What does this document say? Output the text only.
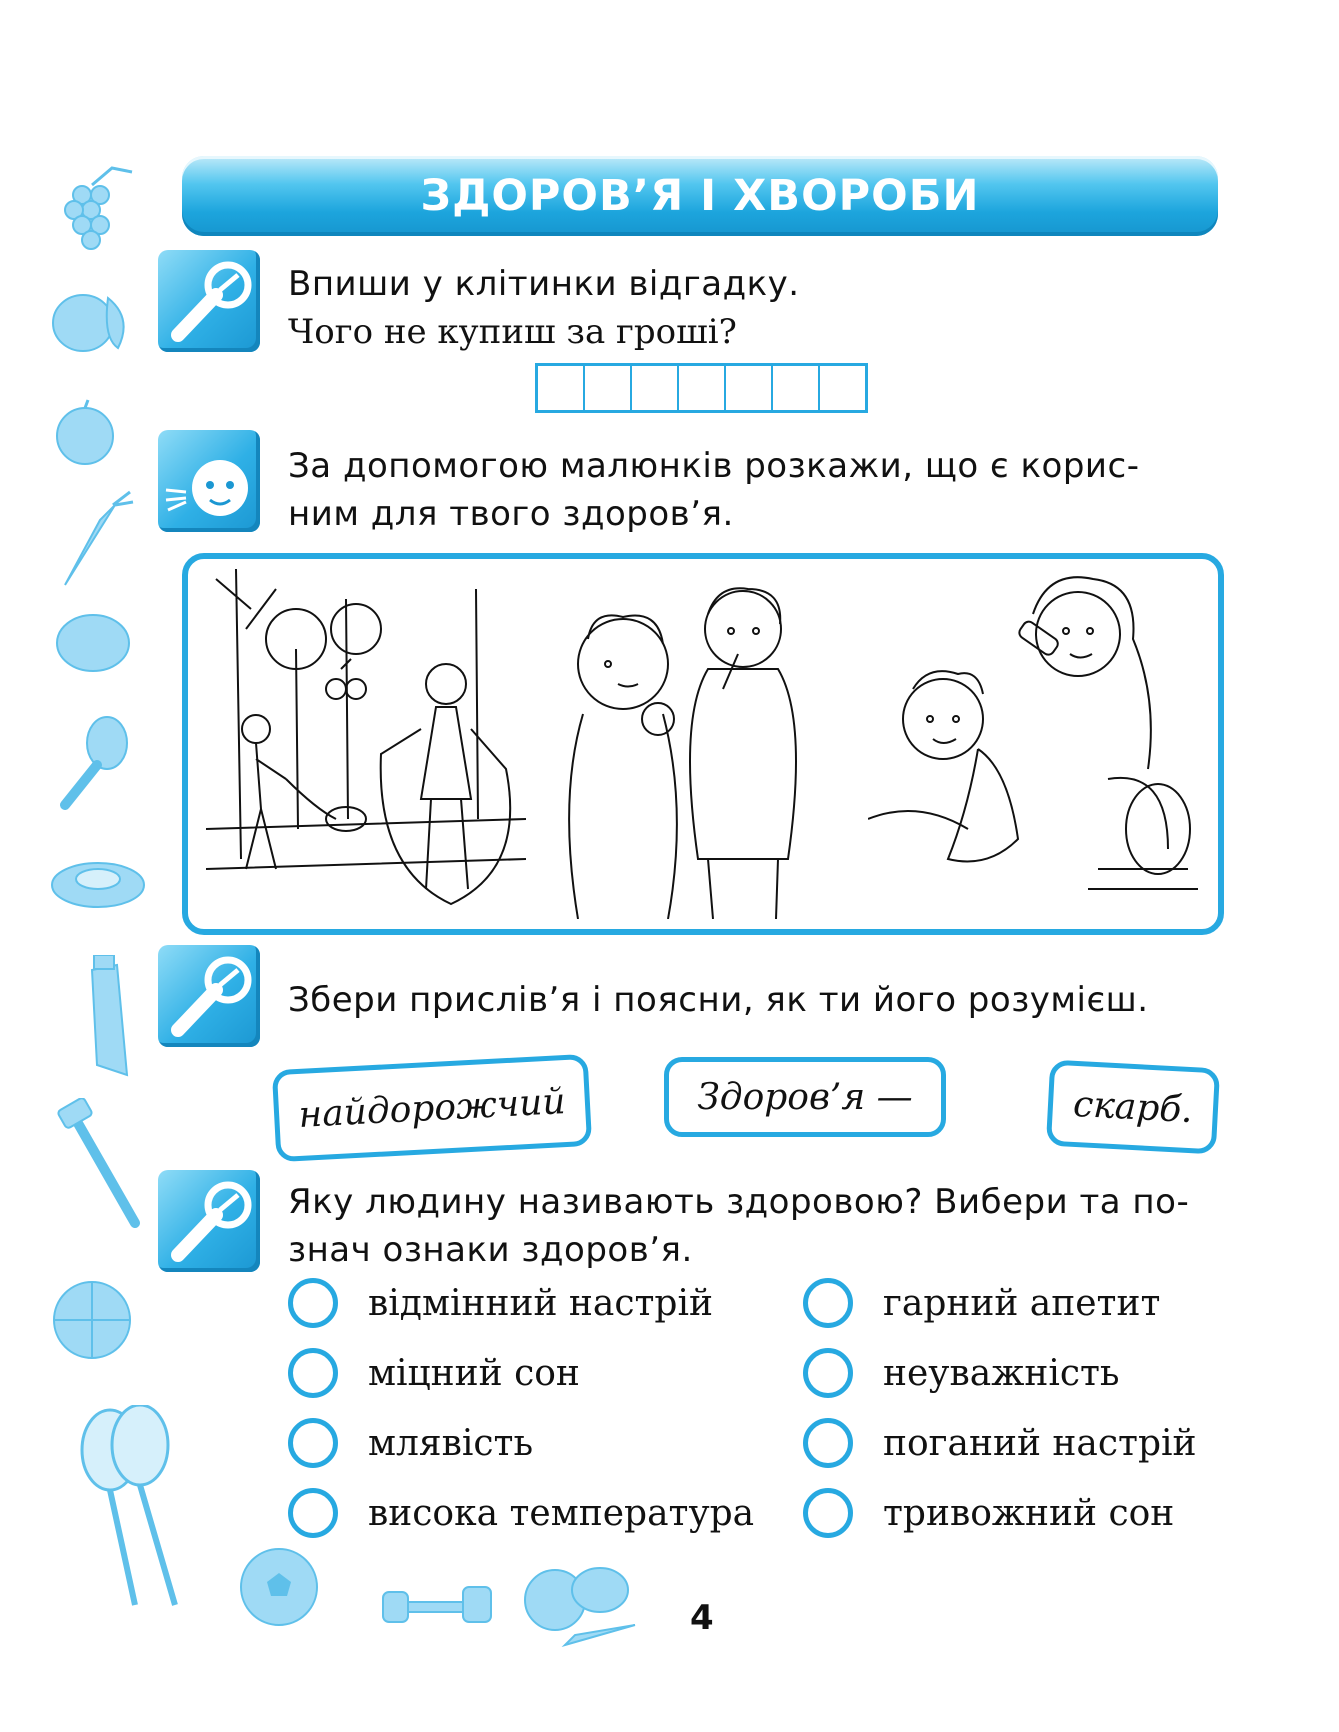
ЗДОРОВ’Я І ХВОРОБИ
Впиши у клітинки відгадку.
Чого не купиш за гроші?
За допомогою малюнків розкажи, що є корис-
ним для твого здоров’я.
Збери прислів’я і поясни, як ти його розумієш.
найдорожчий	Здоров’я —	скарб.
Яку людину називають здоровою? Вибери та по-
знач ознаки здоров’я.
відмінний настрій
міцний сон
млявість
висока температура
гарний апетит
неуважність
поганий настрій
тривожний сон
4
